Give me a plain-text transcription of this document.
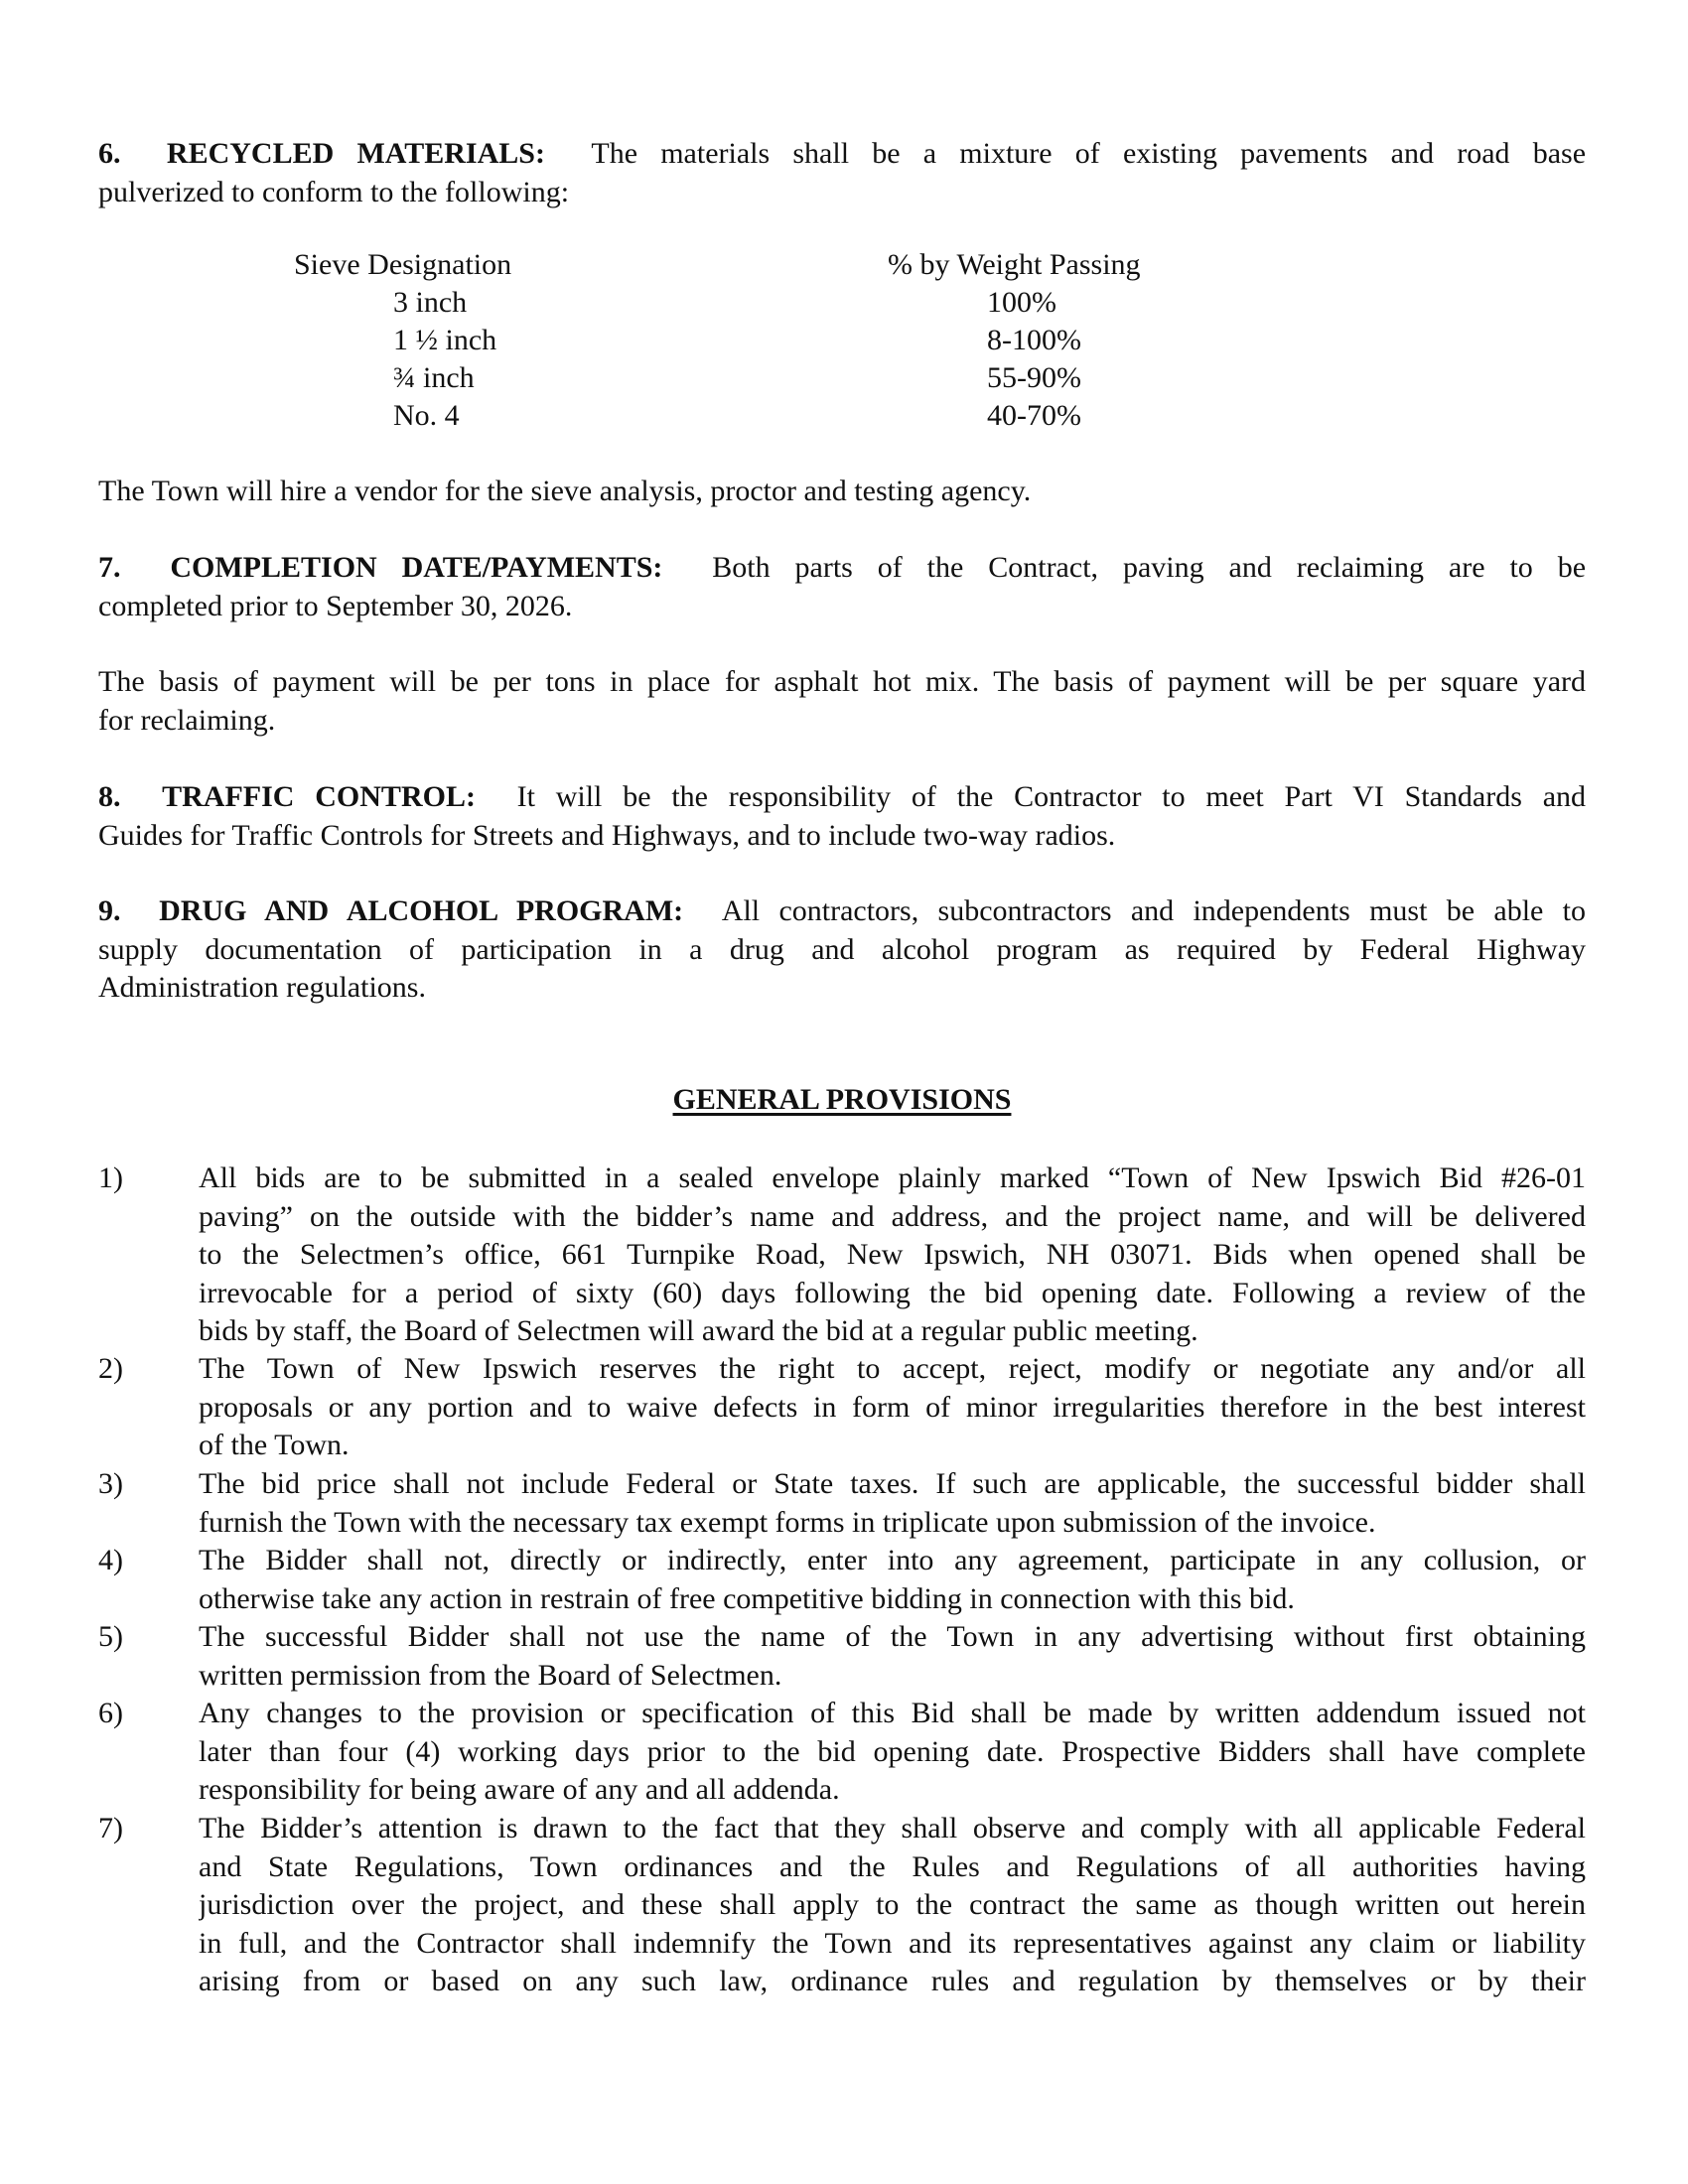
6. RECYCLED MATERIALS: The materials shall be a mixture of existing pavements and road base
pulverized to conform to the following:
Sieve Designation	% by Weight Passing
3 inch	100%
1 ½ inch	8-100%
¾ inch	55-90%
No. 4	40-70%
The Town will hire a vendor for the sieve analysis, proctor and testing agency.
7. COMPLETION DATE/PAYMENTS: Both parts of the Contract, paving and reclaiming are to be
completed prior to September 30, 2026.
The basis of payment will be per tons in place for asphalt hot mix. The basis of payment will be per square yard
for reclaiming.
8. TRAFFIC CONTROL: It will be the responsibility of the Contractor to meet Part VI Standards and
Guides for Traffic Controls for Streets and Highways, and to include two-way radios.
9. DRUG AND ALCOHOL PROGRAM: All contractors, subcontractors and independents must be able to
supply documentation of participation in a drug and alcohol program as required by Federal Highway
Administration regulations.
GENERAL PROVISIONS
1)	All bids are to be submitted in a sealed envelope plainly marked “Town of New Ipswich Bid #26-01
paving” on the outside with the bidder’s name and address, and the project name, and will be delivered
to the Selectmen’s office, 661 Turnpike Road, New Ipswich, NH 03071. Bids when opened shall be
irrevocable for a period of sixty (60) days following the bid opening date. Following a review of the
bids by staff, the Board of Selectmen will award the bid at a regular public meeting.
2)	The Town of New Ipswich reserves the right to accept, reject, modify or negotiate any and/or all
proposals or any portion and to waive defects in form of minor irregularities therefore in the best interest
of the Town.
3)	The bid price shall not include Federal or State taxes. If such are applicable, the successful bidder shall
furnish the Town with the necessary tax exempt forms in triplicate upon submission of the invoice.
4)	The Bidder shall not, directly or indirectly, enter into any agreement, participate in any collusion, or
otherwise take any action in restrain of free competitive bidding in connection with this bid.
5)	The successful Bidder shall not use the name of the Town in any advertising without first obtaining
written permission from the Board of Selectmen.
6)	Any changes to the provision or specification of this Bid shall be made by written addendum issued not
later than four (4) working days prior to the bid opening date. Prospective Bidders shall have complete
responsibility for being aware of any and all addenda.
7)	The Bidder’s attention is drawn to the fact that they shall observe and comply with all applicable Federal
and State Regulations, Town ordinances and the Rules and Regulations of all authorities having
jurisdiction over the project, and these shall apply to the contract the same as though written out herein
in full, and the Contractor shall indemnify the Town and its representatives against any claim or liability
arising from or based on any such law, ordinance rules and regulation by themselves or by their
